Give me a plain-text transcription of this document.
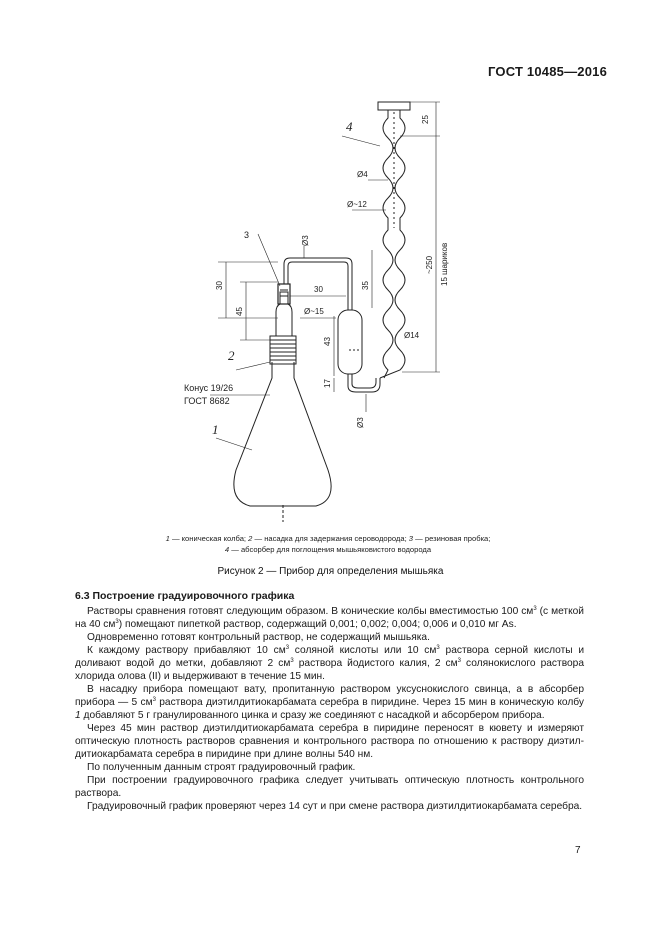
ГОСТ 10485—2016
25
Ø4
Ø~12
Ø3
30
45
30
Ø~15
35
43
17
Ø14
Ø3
~250 15 шариков
4
3
2
1
Конус 19/26
ГОСТ 8682
1 — коническая колба; 2 — насадка для задержания сероводорода; 3 — резиновая пробка;
4 — абсорбер для поглощения мышьяковистого водорода
Рисунок 2 — Прибор для определения мышьяка
6.3 Построение градуировочного графика

Растворы сравнения готовят следующим образом. В конические колбы вместимостью 100 $см^3$ (с меткой на 40 $см^3$) помещают пипеткой раствор, содержащий 0,001; 0,002; 0,004; 0,006 и 0,010 мг As.

Одновременно готовят контрольный раствор, не содержащий мышьяка.

К каждому раствору прибавляют 10 $см^3$ соляной кислоты или 10 $см^3$ раствора серной кислоты и доливают водой до метки, добавляют 2 $см^3$ раствора йодистого калия, 2 $см^3$ солянокислого раствора хлорида олова (II) и выдерживают в течение 15 мин.

В насадку прибора помещают вату, пропитанную раствором уксуснокислого свинца, а в абсорбер прибора — 5 $см^3$ раствора диэтилдитиокарбамата серебра в пиридине. Через 15 мин в коническую колбу 1 добавляют 5 г гранулированного цинка и сразу же соединяют с насадкой и абсорбером прибора.

Через 45 мин раствор диэтилдитиокарбамата серебра в пиридине переносят в кювету и измеряют оптическую плотность растворов сравнения и контрольного раствора по отношению к раствору диэтилдитиокарбамата серебра в пиридине при длине волны 540 нм.

По полученным данным строят градуировочный график.

При построении градуировочного графика следует учитывать оптическую плотность контрольного раствора.

Градуировочный график проверяют через 14 сут и при смене раствора диэтилдитиокарбамата серебра.

7
